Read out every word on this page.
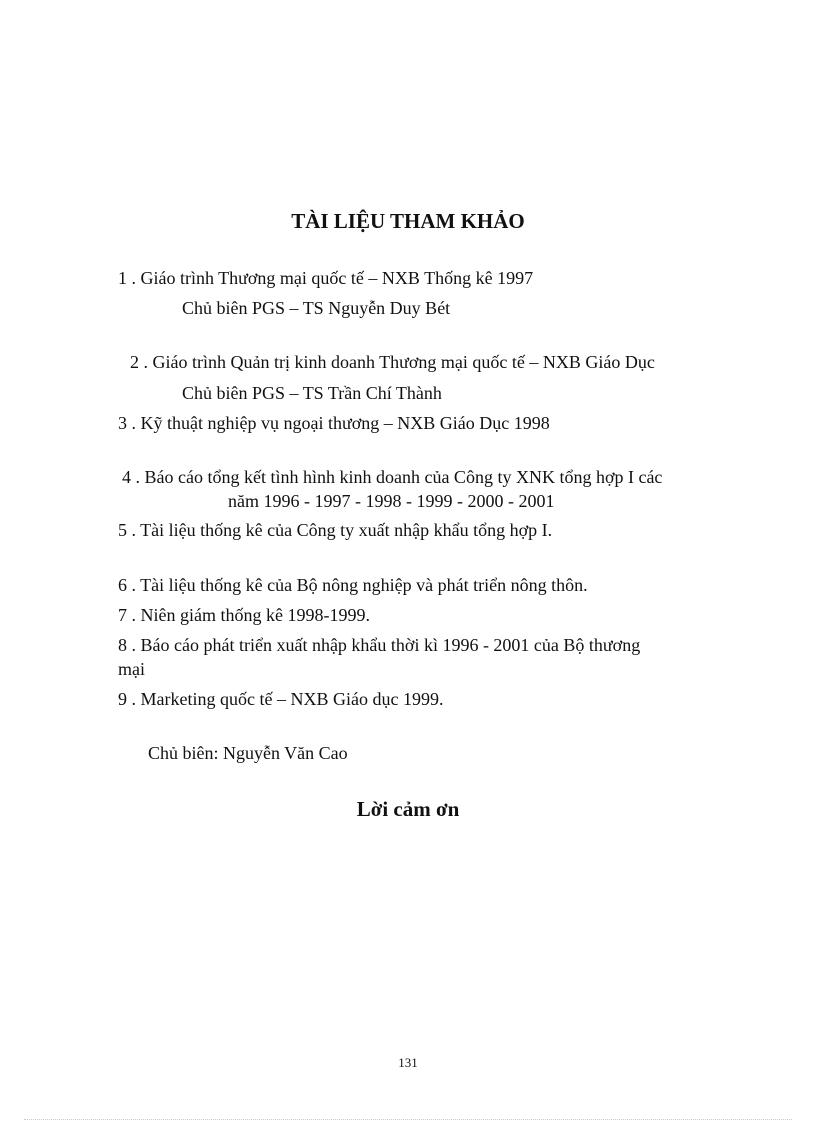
TÀI LIỆU THAM KHẢO
1 . Giáo trình Thương mại quốc tế – NXB Thống kê 1997
Chủ biên PGS – TS Nguyễn Duy Bét
2 . Giáo trình Quản trị kinh doanh Thương mại quốc tế – NXB Giáo Dục
Chủ biên PGS – TS Trần Chí Thành
3 . Kỹ thuật nghiệp vụ ngoại thương – NXB Giáo Dục 1998
4 . Báo cáo tổng kết tình hình kinh doanh của Công ty XNK tổng hợp I các
năm 1996 - 1997 - 1998 - 1999 - 2000 - 2001
5 . Tài liệu thống kê của Công ty xuất nhập khẩu tổng hợp I.
6 . Tài liệu thống kê của Bộ nông nghiệp và phát triển nông thôn.
7 . Niên giám thống kê 1998-1999.
8 . Báo cáo phát triển xuất nhập khẩu thời kì 1996 - 2001 của Bộ thương
mại
9 . Marketing quốc tế – NXB Giáo dục 1999.
Chủ biên: Nguyễn Văn Cao
Lời cảm ơn
131
